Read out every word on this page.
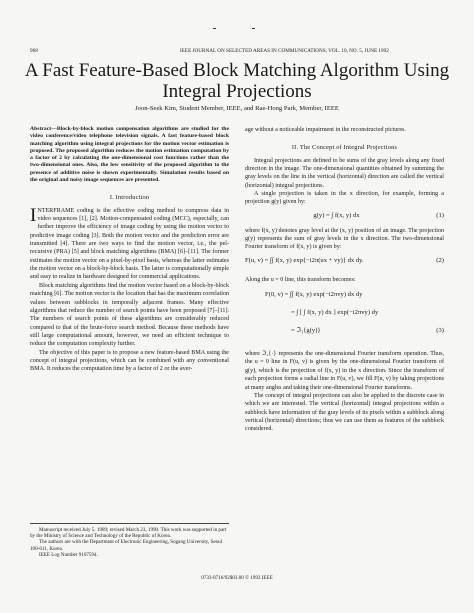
968	IEEE JOURNAL ON SELECTED AREAS IN COMMUNICATIONS, VOL. 10, NO. 5, JUNE 1992
A Fast Feature-Based Block Matching Algorithm Using Integral Projections
Joon-Seek Kim, Student Member, IEEE, and Rae-Hong Park, Member, IEEE
Abstract—Block-by-block motion compensation algorithms are studied for the video conference/video telephone television signals. A fast feature-based block matching algorithm using integral projections for the motion vector estimation is proposed. The proposed algorithm reduces the motion estimation computation by a factor of 2 by calculating the one-dimensional cost functions rather than the two-dimensional ones. Also, the low sensitivity of the proposed algorithm to the presence of additive noise is shown experimentally. Simulation results based on the original and noisy image sequences are presented.
I. Introduction

INTERFRAME coding is the effective coding method to compress data in video sequences [1], [2]. Motion-compensated coding (MCC), especially, can further improve the efficiency of image coding by using the motion vector to predictive image coding [3]. Both the motion vector and the prediction error are transmitted [4]. There are two ways to find the motion vector, i.e., the pel-recursive (PRA) [5] and block matching algorithms (BMA) [6]–[11]. The former estimates the motion vector on a pixel-by-pixel basis, whereas the latter estimates the motion vector on a block-by-block basis. The latter is computationally simple and easy to realize in hardware designed for commercial applications.

Block matching algorithms find the motion vector based on a block-by-block matching [6]. The motion vector is the location that has the maximum correlation values between subblocks in temporally adjacent frames. Many effective algorithms that reduce the number of search points have been proposed [7]–[11]. The numbers of search points of these algorithms are considerably reduced compared to that of the brute-force search method. Because these methods have still large computational amount, however, we need an efficient technique to reduce the computation complexity further.

The objective of this paper is to propose a new feature-based BMA using the concept of integral projections, which can be combined with any conventional BMA. It reduces the computation time by a factor of 2 or the aver-

age without a noticeable impairment in the reconstructed pictures.

II. The Concept of Integral Projections

Integral projections are defined to be sums of the gray levels along any fixed direction in the image. The one-dimensional quantities obtained by summing the gray levels on the line in the vertical (horizontal) direction are called the vertical (horizontal) integral projections.

A single projection is taken in the x direction, for example, forming a projection g(y) given by:

g(y) = ∫ f(x, y) dx	(1)

where f(x, y) denotes gray level at the (x, y) position of an image. The projection g(y) represents the sum of gray levels in the x direction. The two-dimensional Fourier transform of f(x, y) is given by:

F(u, v) = ∫∫ f(x, y) exp{−i2π(ux + vy)} dx dy.	(2)

Along the u = 0 line, this transform becomes:

F(0, v) = ∫∫ f(x, y) exp(−i2πvy) dx dy
= ∫ [ ∫ f(x, y) dx ] exp(−i2πvy) dy
= ℑ₁{g(y)}	(3)

where ℑ₁{·} represents the one-dimensional Fourier transform operation. Thus, the u = 0 line in F(u, v) is given by the one-dimensional Fourier transform of g(y), which is the projection of f(x, y) in the x direction. Since the transform of each projection forms a radial line in F(u, v), we fill F(u, v) by taking projections at many angles and taking their one-dimensional Fourier transforms.

The concept of integral projections can also be applied to the discrete case in which we are interested. The vertical (horizontal) integral projections within a subblock have information of the gray levels of its pixels within a subblock along vertical (horizontal) directions; thus we can use them as features of the subblock considered.

Manuscript received July 5, 1989; revised March 23, 1990. This work was supported in part by the Ministry of Science and Technology of the Republic of Korea.

The authors are with the Department of Electronic Engineering, Sogang University, Seoul 100-611, Korea.

IEEE Log Number 9107594.

0733-8716/92$03.00 © 1992 IEEE
